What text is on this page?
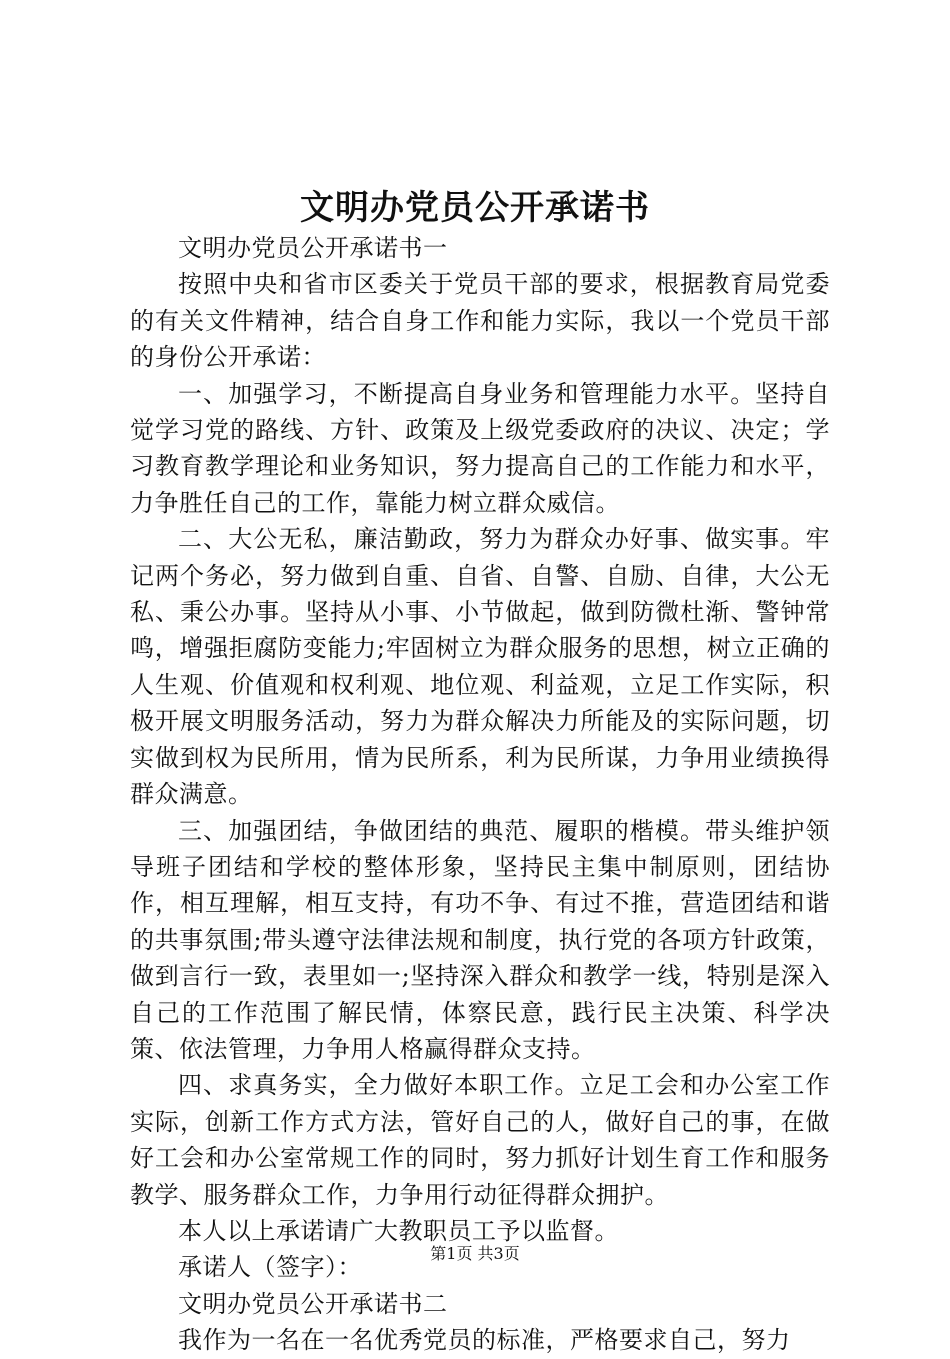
文明办党员公开承诺书

文明办党员公开承诺书一

按照中央和省市区委关于党员干部的要求，根据教育局党委的有关文件精神，结合自身工作和能力实际，我以一个党员干部的身份公开承诺：

一、加强学习，不断提高自身业务和管理能力水平。坚持自觉学习党的路线、方针、政策及上级党委政府的决议、决定；学习教育教学理论和业务知识，努力提高自己的工作能力和水平，力争胜任自己的工作，靠能力树立群众威信。

二、大公无私，廉洁勤政，努力为群众办好事、做实事。牢记两个务必，努力做到自重、自省、自警、自励、自律，大公无私、秉公办事。坚持从小事、小节做起，做到防微杜渐、警钟常鸣，增强拒腐防变能力;牢固树立为群众服务的思想，树立正确的人生观、价值观和权利观、地位观、利益观，立足工作实际，积极开展文明服务活动，努力为群众解决力所能及的实际问题，切实做到权为民所用，情为民所系，利为民所谋，力争用业绩换得群众满意。

三、加强团结，争做团结的典范、履职的楷模。带头维护领导班子团结和学校的整体形象，坚持民主集中制原则，团结协作，相互理解，相互支持，有功不争、有过不推，营造团结和谐的共事氛围;带头遵守法律法规和制度，执行党的各项方针政策，做到言行一致，表里如一;坚持深入群众和教学一线，特别是深入自己的工作范围了解民情，体察民意，践行民主决策、科学决策、依法管理，力争用人格赢得群众支持。

四、求真务实，全力做好本职工作。立足工会和办公室工作实际，创新工作方式方法，管好自己的人，做好自己的事，在做好工会和办公室常规工作的同时，努力抓好计划生育工作和服务教学、服务群众工作，力争用行动征得群众拥护。

本人以上承诺请广大教职员工予以监督。

承诺人（签字）：

文明办党员公开承诺书二

我作为一名在一名优秀党员的标准，严格要求自己，努力

第1页 共3页
